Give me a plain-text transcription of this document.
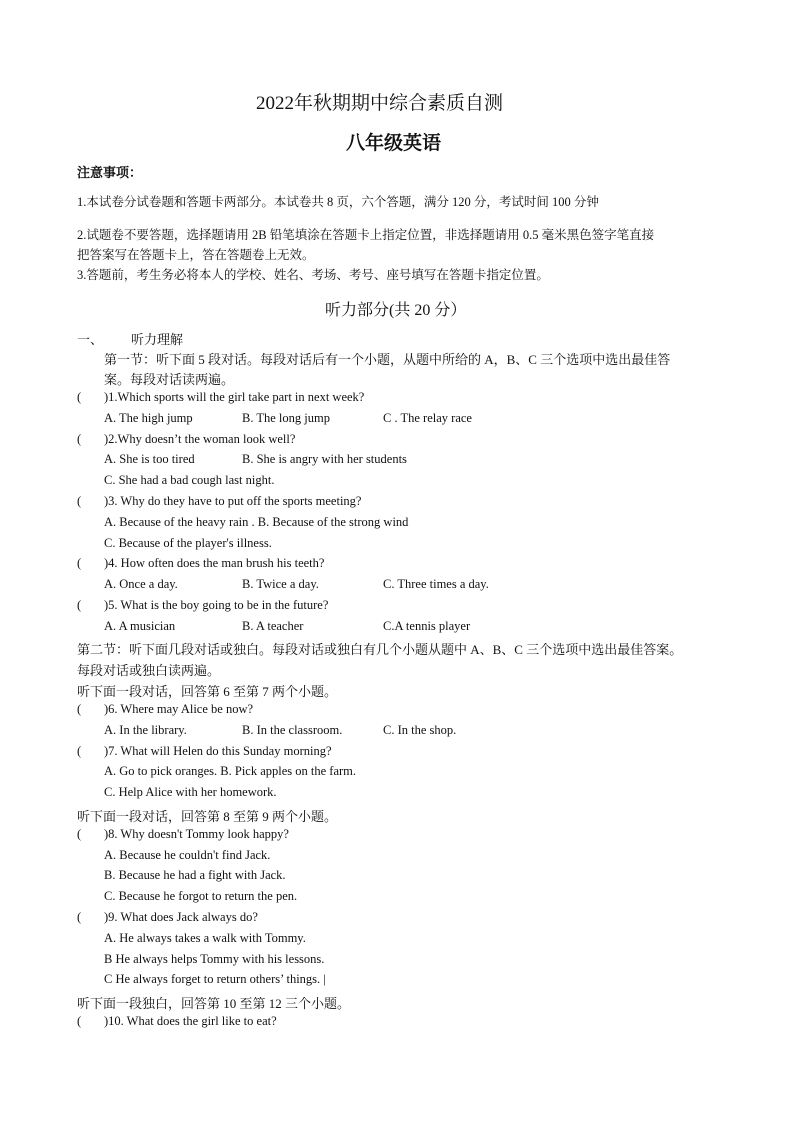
2022年秋期期中综合素质自测
八年级英语
注意事项：
1.本试卷分试卷题和答题卡两部分。本试卷共 8 页，六个答题，满分 120 分，考试时间 100 分钟
2.试题卷不要答题，选择题请用 2B 铅笔填涂在答题卡上指定位置，非选择题请用 0.5 毫米黑色签字笔直接
把答案写在答题卡上，答在答题卷上无效。
3.答题前，考生务必将本人的学校、姓名、考场、考号、座号填写在答题卡指定位置。
听力部分(共 20 分）
一、 听力理解
第一节：听下面 5 段对话。每段对话后有一个小题，从题中所给的 A，B、C 三个选项中选出最佳答
案。每段对话读两遍。
( )1.Which sports will the girl take part in next week?
A. The high jump	B. The long jump	C . The relay race
( )2.Why doesn’t the woman look well?
A. She is too tired	B. She is angry with her students
C. She had a bad cough last night.
( )3. Why do they have to put off the sports meeting?
A. Because of the heavy rain . B. Because of the strong wind
C. Because of the player's illness.
( )4. How often does the man brush his teeth?
A. Once a day.	B. Twice a day.	C. Three times a day.
( )5. What is the boy going to be in the future?
A. A musician	B. A teacher	C.A tennis player
第二节：听下面几段对话或独白。每段对话或独白有几个小题从题中 A、B、C 三个选项中选出最佳答案。
每段对话或独白读两遍。
听下面一段对话，回答第 6 至第 7 两个小题。
( )6. Where may Alice be now?
A. In the library.	B. In the classroom.	C. In the shop.
( )7. What will Helen do this Sunday morning?
A. Go to pick oranges. B. Pick apples on the farm.
C. Help Alice with her homework.
听下面一段对话，回答第 8 至第 9 两个小题。
( )8. Why doesn't Tommy look happy?
A. Because he couldn't find Jack.
B. Because he had a fight with Jack.
C. Because he forgot to return the pen.
( )9. What does Jack always do?
A. He always takes a walk with Tommy.
B He always helps Tommy with his lessons.
C He always forget to return others’ things. |
听下面一段独白，回答第 10 至第 12 三个小题。
( )10. What does the girl like to eat?
